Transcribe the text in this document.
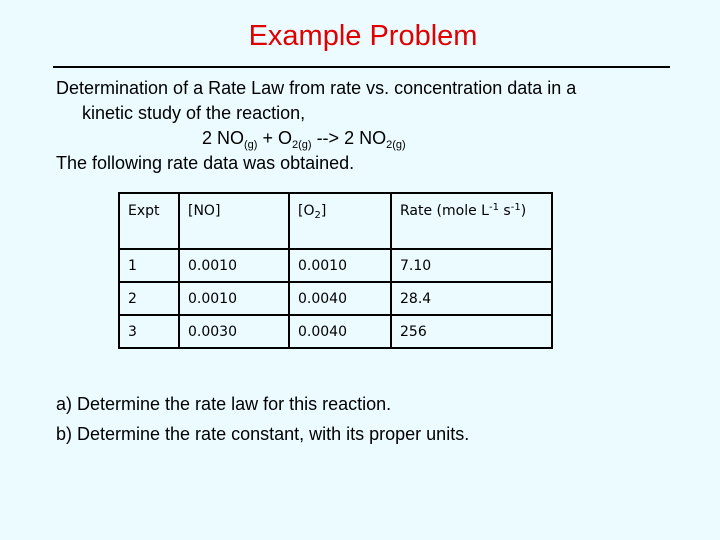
Example Problem
Determination of a Rate Law from rate vs. concentration data in a
kinetic study of the reaction,
2 $NO_{(g)} + O_{2(g)}$ --> 2 $NO_{2(g)}$
The following rate data was obtained.
Expt	[NO]	$[O_2]$	Rate (mole $L^{-1}$ $s^{-1}$)
1	0.0010	0.0010	7.10
2	0.0010	0.0040	28.4
3	0.0030	0.0040	256
a) Determine the rate law for this reaction.
b) Determine the rate constant, with its proper units.
